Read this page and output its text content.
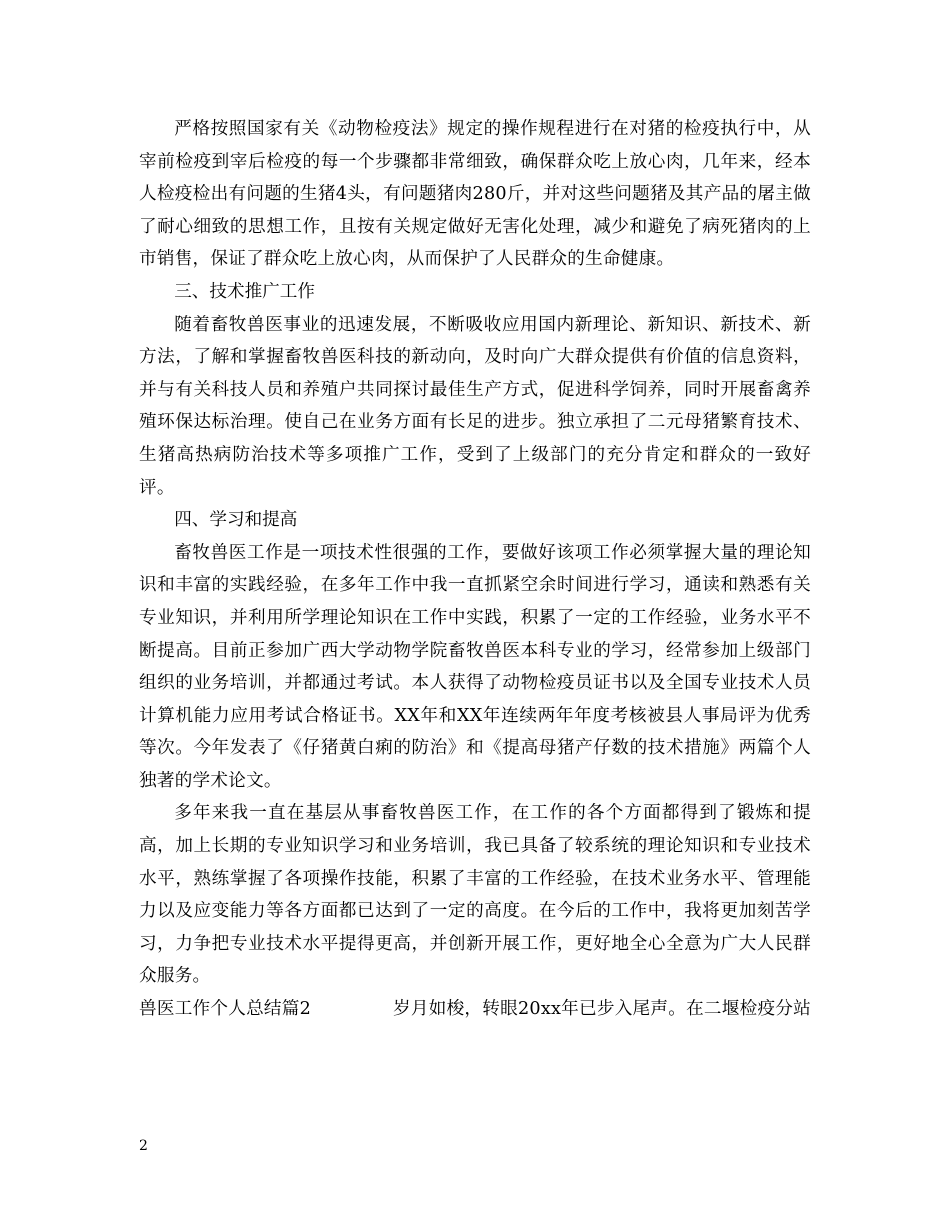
严格按照国家有关《动物检疫法》规定的操作规程进行在对猪的检疫执行中，从宰前检疫到宰后检疫的每一个步骤都非常细致，确保群众吃上放心肉，几年来，经本人检疫检出有问题的生猪4头，有问题猪肉280斤，并对这些问题猪及其产品的屠主做了耐心细致的思想工作，且按有关规定做好无害化处理，减少和避免了病死猪肉的上市销售，保证了群众吃上放心肉，从而保护了人民群众的生命健康。

三、技术推广工作

随着畜牧兽医事业的迅速发展，不断吸收应用国内新理论、新知识、新技术、新方法，了解和掌握畜牧兽医科技的新动向，及时向广大群众提供有价值的信息资料，并与有关科技人员和养殖户共同探讨最佳生产方式，促进科学饲养，同时开展畜禽养殖环保达标治理。使自己在业务方面有长足的进步。独立承担了二元母猪繁育技术、生猪高热病防治技术等多项推广工作，受到了上级部门的充分肯定和群众的一致好评。

四、学习和提高

畜牧兽医工作是一项技术性很强的工作，要做好该项工作必须掌握大量的理论知识和丰富的实践经验，在多年工作中我一直抓紧空余时间进行学习，通读和熟悉有关专业知识，并利用所学理论知识在工作中实践，积累了一定的工作经验，业务水平不断提高。目前正参加广西大学动物学院畜牧兽医本科专业的学习，经常参加上级部门组织的业务培训，并都通过考试。本人获得了动物检疫员证书以及全国专业技术人员计算机能力应用考试合格证书。XX年和XX年连续两年年度考核被县人事局评为优秀等次。今年发表了《仔猪黄白痢的防治》和《提高母猪产仔数的技术措施》两篇个人独著的学术论文。

多年来我一直在基层从事畜牧兽医工作，在工作的各个方面都得到了锻炼和提高，加上长期的专业知识学习和业务培训，我已具备了较系统的理论知识和专业技术水平，熟练掌握了各项操作技能，积累了丰富的工作经验，在技术业务水平、管理能力以及应变能力等各方面都已达到了一定的高度。在今后的工作中，我将更加刻苦学习，力争把专业技术水平提得更高，并创新开展工作，更好地全心全意为广大人民群众服务。

兽医工作个人总结篇2	岁月如梭，转眼20xx年已步入尾声。在二堰检疫分站
2
